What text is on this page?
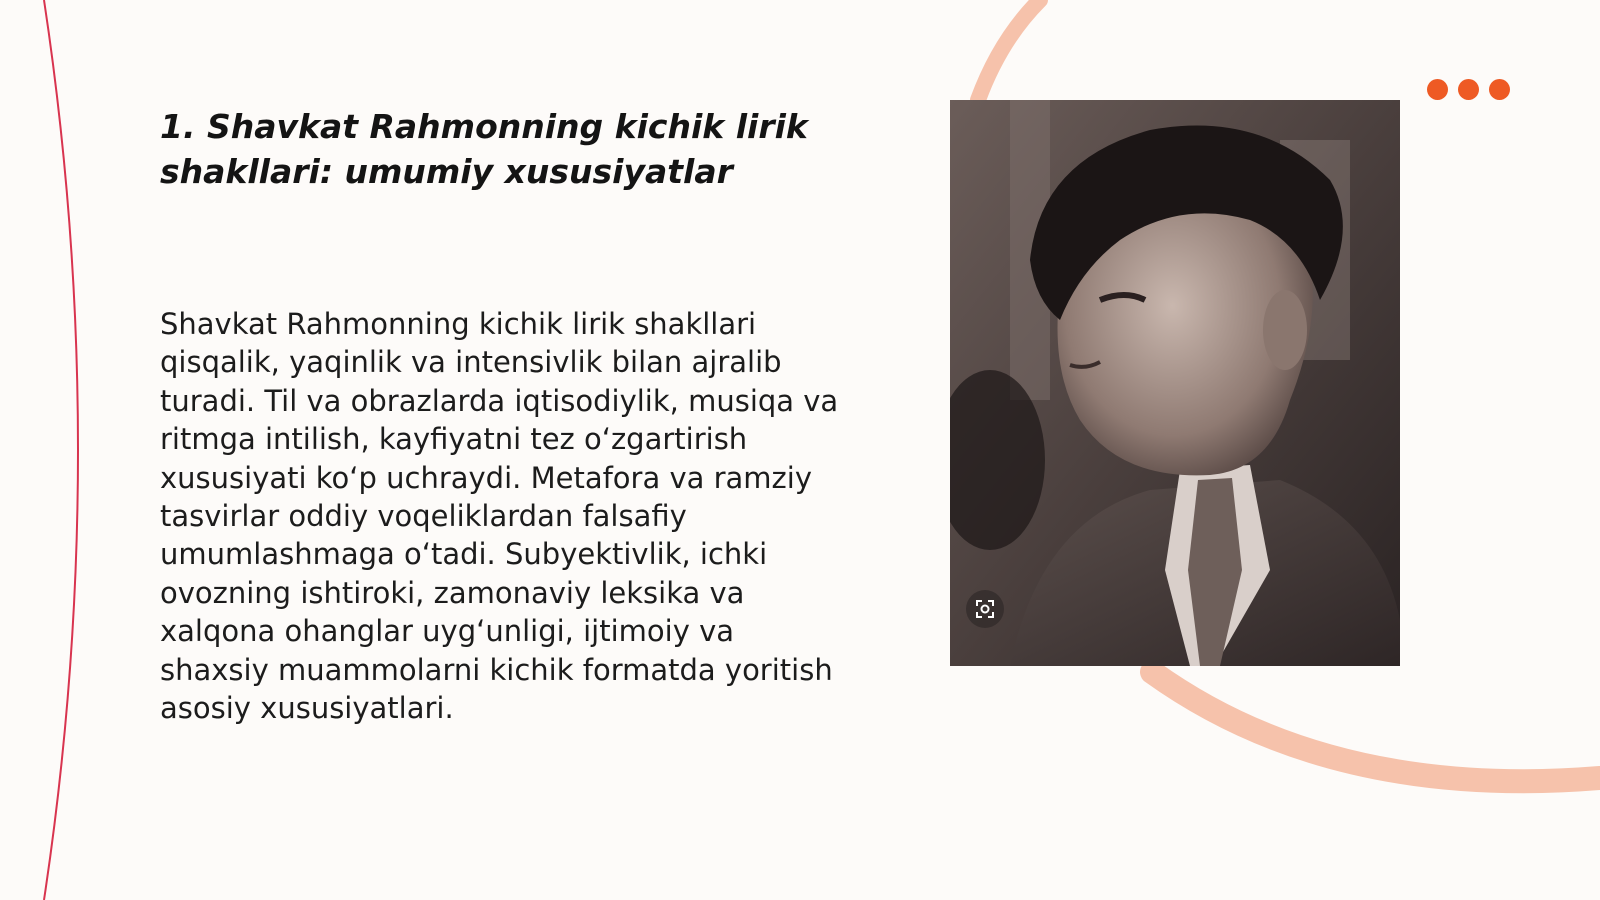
1. Shavkat Rahmonning kichik lirik shakllari: umumiy xususiyatlar

Shavkat Rahmonning kichik lirik shakllari qisqalik, yaqinlik va intensivlik bilan ajralib turadi. Til va obrazlarda iqtisodiylik, musiqa va ritmga intilish, kayfiyatni tez o‘zgartirish xususiyati ko‘p uchraydi. Metafora va ramziy tasvirlar oddiy voqeliklardan falsafiy umumlashmaga o‘tadi. Subyektivlik, ichki ovozning ishtiroki, zamonaviy leksika va xalqona ohanglar uyg‘unligi, ijtimoiy va shaxsiy muammolarni kichik formatda yoritish asosiy xususiyatlari.
